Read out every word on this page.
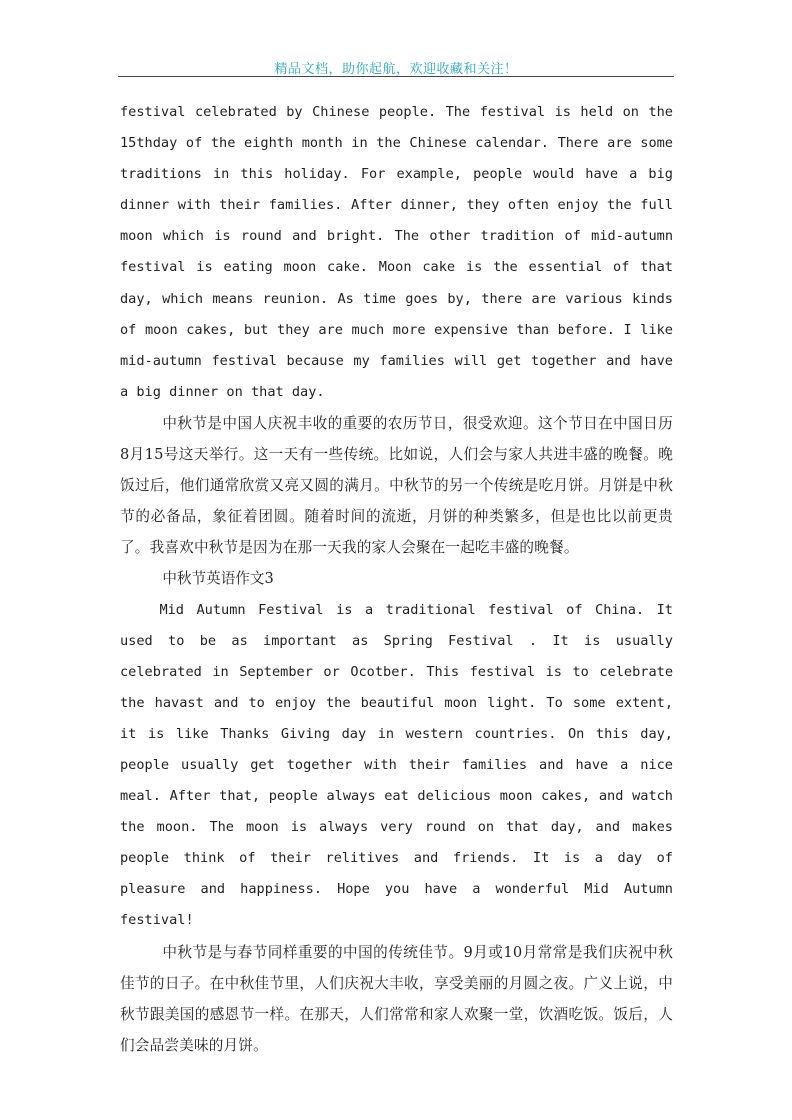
精品文档，助你起航，欢迎收藏和关注！

festival celebrated by Chinese people. The festival is held on the 15thday of the eighth month in the Chinese calendar. There are some traditions in this holiday. For example, people would have a big dinner with their families. After dinner, they often enjoy the full moon which is round and bright. The other tradition of mid-autumn festival is eating moon cake. Moon cake is the essential of that day, which means reunion. As time goes by, there are various kinds of moon cakes, but they are much more expensive than before. I like mid-autumn festival because my families will get together and have a big dinner on that day.

中秋节是中国人庆祝丰收的重要的农历节日，很受欢迎。这个节日在中国日历8月15号这天举行。这一天有一些传统。比如说，人们会与家人共进丰盛的晚餐。晚饭过后，他们通常欣赏又亮又圆的满月。中秋节的另一个传统是吃月饼。月饼是中秋节的必备品，象征着团圆。随着时间的流逝，月饼的种类繁多，但是也比以前更贵了。我喜欢中秋节是因为在那一天我的家人会聚在一起吃丰盛的晚餐。

中秋节英语作文3

Mid Autumn Festival is a traditional festival of China. It used to be as important as Spring Festival . It is usually celebrated in September or Ocotber. This festival is to celebrate the havast and to enjoy the beautiful moon light. To some extent, it is like Thanks Giving day in western countries. On this day, people usually get together with their families and have a nice meal. After that, people always eat delicious moon cakes, and watch the moon. The moon is always very round on that day, and makes people think of their relitives and friends. It is a day of pleasure and happiness. Hope you have a wonderful Mid Autumn festival!

中秋节是与春节同样重要的中国的传统佳节。9月或10月常常是我们庆祝中秋佳节的日子。在中秋佳节里，人们庆祝大丰收，享受美丽的月圆之夜。广义上说，中秋节跟美国的感恩节一样。在那天，人们常常和家人欢聚一堂，饮酒吃饭。饭后，人们会品尝美味的月饼。
